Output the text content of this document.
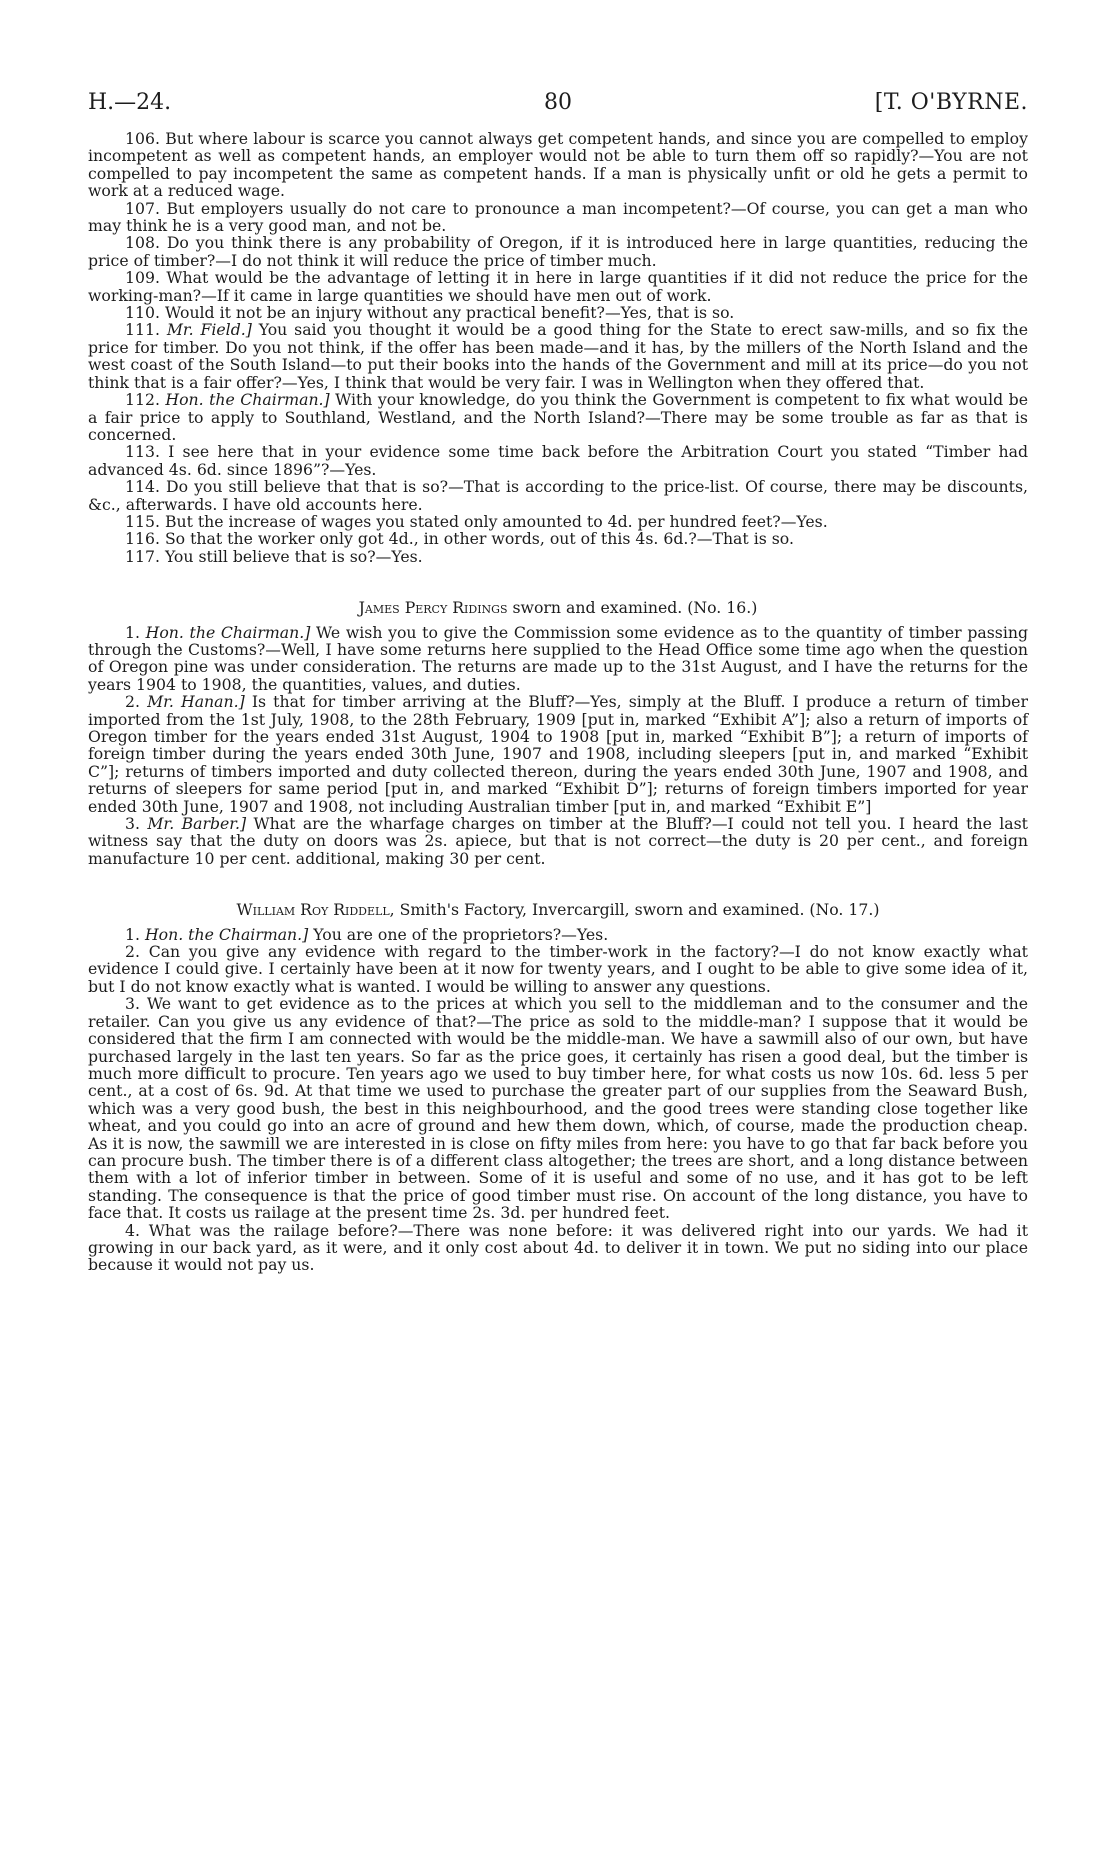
H.—24.	80	[T. O'BYRNE.

106. But where labour is scarce you cannot always get competent hands, and since you are compelled to employ incompetent as well as competent hands, an employer would not be able to turn them off so rapidly?—You are not compelled to pay incompetent the same as competent hands. If a man is physically unfit or old he gets a permit to work at a reduced wage.

107. But employers usually do not care to pronounce a man incompetent?—Of course, you can get a man who may think he is a very good man, and not be.

108. Do you think there is any probability of Oregon, if it is introduced here in large quantities, reducing the price of timber?—I do not think it will reduce the price of timber much.

109. What would be the advantage of letting it in here in large quantities if it did not reduce the price for the working-man?—If it came in large quantities we should have men out of work.

110. Would it not be an injury without any practical benefit?—Yes, that is so.

111. Mr. Field.] You said you thought it would be a good thing for the State to erect saw-mills, and so fix the price for timber. Do you not think, if the offer has been made—and it has, by the millers of the North Island and the west coast of the South Island—to put their books into the hands of the Government and mill at its price—do you not think that is a fair offer?—Yes, I think that would be very fair. I was in Wellington when they offered that.

112. Hon. the Chairman.] With your knowledge, do you think the Government is competent to fix what would be a fair price to apply to Southland, Westland, and the North Island?—There may be some trouble as far as that is concerned.

113. I see here that in your evidence some time back before the Arbitration Court you stated “Timber had advanced 4s. 6d. since 1896”?—Yes.

114. Do you still believe that that is so?—That is according to the price-list. Of course, there may be discounts, &c., afterwards. I have old accounts here.

115. But the increase of wages you stated only amounted to 4d. per hundred feet?—Yes.

116. So that the worker only got 4d., in other words, out of this 4s. 6d.?—That is so.

117. You still believe that is so?—Yes.

James Percy Ridings sworn and examined. (No. 16.)

1. Hon. the Chairman.] We wish you to give the Commission some evidence as to the quantity of timber passing through the Customs?—Well, I have some returns here supplied to the Head Office some time ago when the question of Oregon pine was under consideration. The returns are made up to the 31st August, and I have the returns for the years 1904 to 1908, the quantities, values, and duties.

2. Mr. Hanan.] Is that for timber arriving at the Bluff?—Yes, simply at the Bluff. I produce a return of timber imported from the 1st July, 1908, to the 28th February, 1909 [put in, marked “Exhibit A”]; also a return of imports of Oregon timber for the years ended 31st August, 1904 to 1908 [put in, marked “Exhibit B”]; a return of imports of foreign timber during the years ended 30th June, 1907 and 1908, including sleepers [put in, and marked “Exhibit C”]; returns of timbers imported and duty collected thereon, during the years ended 30th June, 1907 and 1908, and returns of sleepers for same period [put in, and marked “Exhibit D”]; returns of foreign timbers imported for year ended 30th June, 1907 and 1908, not including Australian timber [put in, and marked “Exhibit E”]

3. Mr. Barber.] What are the wharfage charges on timber at the Bluff?—I could not tell you. I heard the last witness say that the duty on doors was 2s. apiece, but that is not correct—the duty is 20 per cent., and foreign manufacture 10 per cent. additional, making 30 per cent.

William Roy Riddell, Smith's Factory, Invercargill, sworn and examined. (No. 17.)

1. Hon. the Chairman.] You are one of the proprietors?—Yes.

2. Can you give any evidence with regard to the timber-work in the factory?—I do not know exactly what evidence I could give. I certainly have been at it now for twenty years, and I ought to be able to give some idea of it, but I do not know exactly what is wanted. I would be willing to answer any questions.

3. We want to get evidence as to the prices at which you sell to the middleman and to the consumer and the retailer. Can you give us any evidence of that?—The price as sold to the middle-man? I suppose that it would be considered that the firm I am connected with would be the middle-man. We have a sawmill also of our own, but have purchased largely in the last ten years. So far as the price goes, it certainly has risen a good deal, but the timber is much more difficult to procure. Ten years ago we used to buy timber here, for what costs us now 10s. 6d. less 5 per cent., at a cost of 6s. 9d. At that time we used to purchase the greater part of our supplies from the Seaward Bush, which was a very good bush, the best in this neighbourhood, and the good trees were standing close together like wheat, and you could go into an acre of ground and hew them down, which, of course, made the production cheap. As it is now, the sawmill we are interested in is close on fifty miles from here: you have to go that far back before you can procure bush. The timber there is of a different class altogether; the trees are short, and a long distance between them with a lot of inferior timber in between. Some of it is useful and some of no use, and it has got to be left standing. The consequence is that the price of good timber must rise. On account of the long distance, you have to face that. It costs us railage at the present time 2s. 3d. per hundred feet.

4. What was the railage before?—There was none before: it was delivered right into our yards. We had it growing in our back yard, as it were, and it only cost about 4d. to deliver it in town. We put no siding into our place because it would not pay us.
